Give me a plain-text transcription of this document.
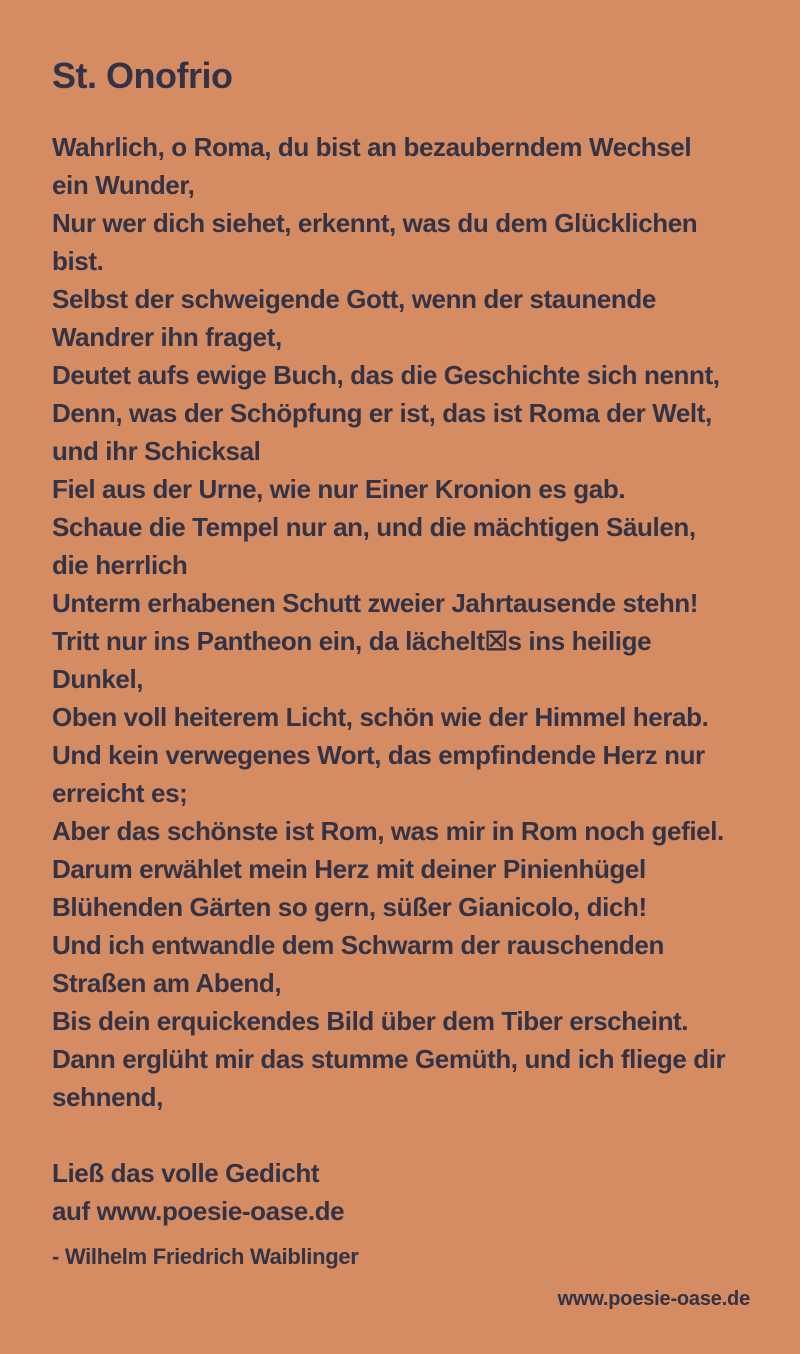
St. Onofrio
Wahrlich, o Roma, du bist an bezauberndem Wechsel
ein Wunder,
Nur wer dich siehet, erkennt, was du dem Glücklichen
bist.
Selbst der schweigende Gott, wenn der staunende
Wandrer ihn fraget,
Deutet aufs ewige Buch, das die Geschichte sich nennt,
Denn, was der Schöpfung er ist, das ist Roma der Welt,
und ihr Schicksal
Fiel aus der Urne, wie nur Einer Kronion es gab.
Schaue die Tempel nur an, und die mächtigen Säulen,
die herrlich
Unterm erhabenen Schutt zweier Jahrtausende stehn!
Tritt nur ins Pantheon ein, da lächelt☒s ins heilige
Dunkel,
Oben voll heiterem Licht, schön wie der Himmel herab.
Und kein verwegenes Wort, das empfindende Herz nur
erreicht es;
Aber das schönste ist Rom, was mir in Rom noch gefiel.
Darum erwählet mein Herz mit deiner Pinienhügel
Blühenden Gärten so gern, süßer Gianicolo, dich!
Und ich entwandle dem Schwarm der rauschenden
Straßen am Abend,
Bis dein erquickendes Bild über dem Tiber erscheint.
Dann erglüht mir das stumme Gemüth, und ich fliege dir
sehnend,
Ließ das volle Gedicht
auf www.poesie-oase.de
- Wilhelm Friedrich Waiblinger
www.poesie-oase.de
